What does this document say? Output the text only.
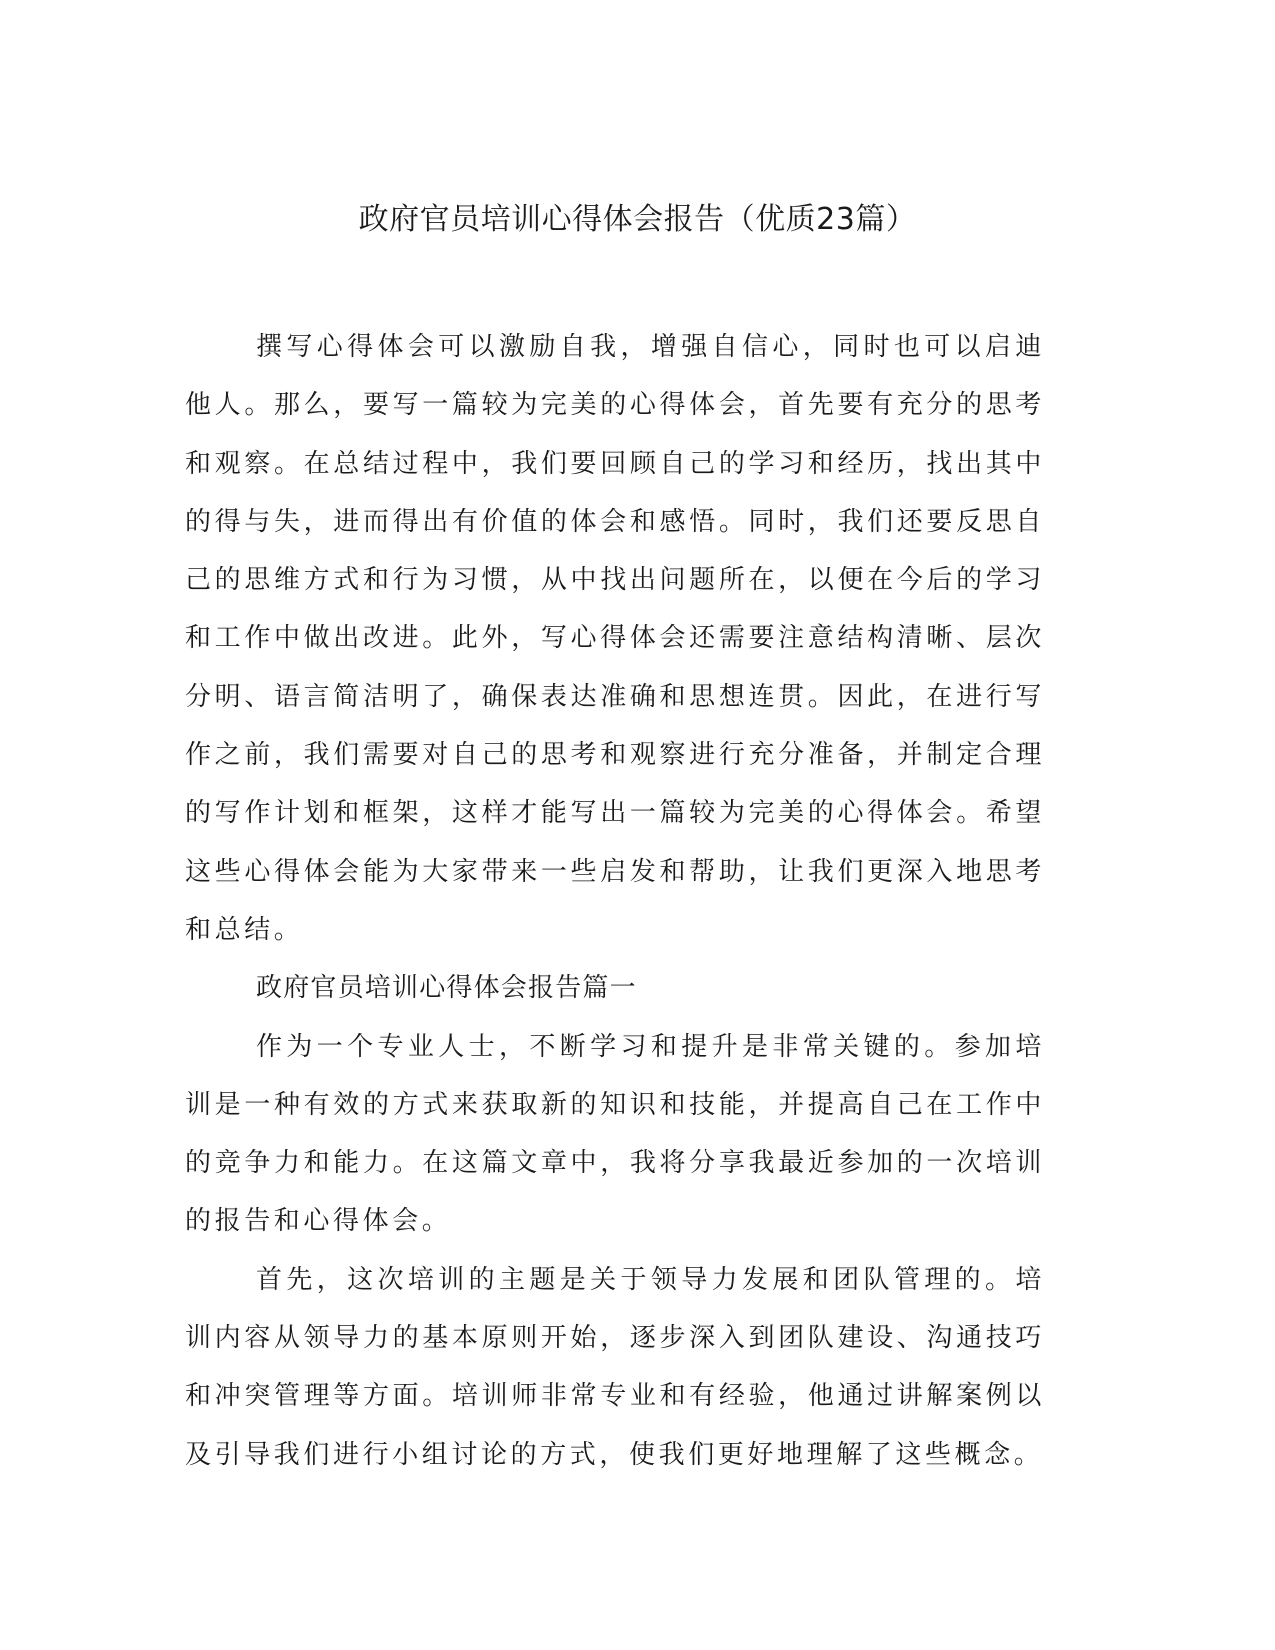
政府官员培训心得体会报告（优质23篇）

撰写心得体会可以激励自我，增强自信心，同时也可以启迪他人。那么，要写一篇较为完美的心得体会，首先要有充分的思考和观察。在总结过程中，我们要回顾自己的学习和经历，找出其中的得与失，进而得出有价值的体会和感悟。同时，我们还要反思自己的思维方式和行为习惯，从中找出问题所在，以便在今后的学习和工作中做出改进。此外，写心得体会还需要注意结构清晰、层次分明、语言简洁明了，确保表达准确和思想连贯。因此，在进行写作之前，我们需要对自己的思考和观察进行充分准备，并制定合理的写作计划和框架，这样才能写出一篇较为完美的心得体会。希望这些心得体会能为大家带来一些启发和帮助，让我们更深入地思考和总结。

政府官员培训心得体会报告篇一

作为一个专业人士，不断学习和提升是非常关键的。参加培训是一种有效的方式来获取新的知识和技能，并提高自己在工作中的竞争力和能力。在这篇文章中，我将分享我最近参加的一次培训的报告和心得体会。

首先，这次培训的主题是关于领导力发展和团队管理的。培训内容从领导力的基本原则开始，逐步深入到团队建设、沟通技巧和冲突管理等方面。培训师非常专业和有经验，他通过讲解案例以及引导我们进行小组讨论的方式，使我们更好地理解了这些概念。
